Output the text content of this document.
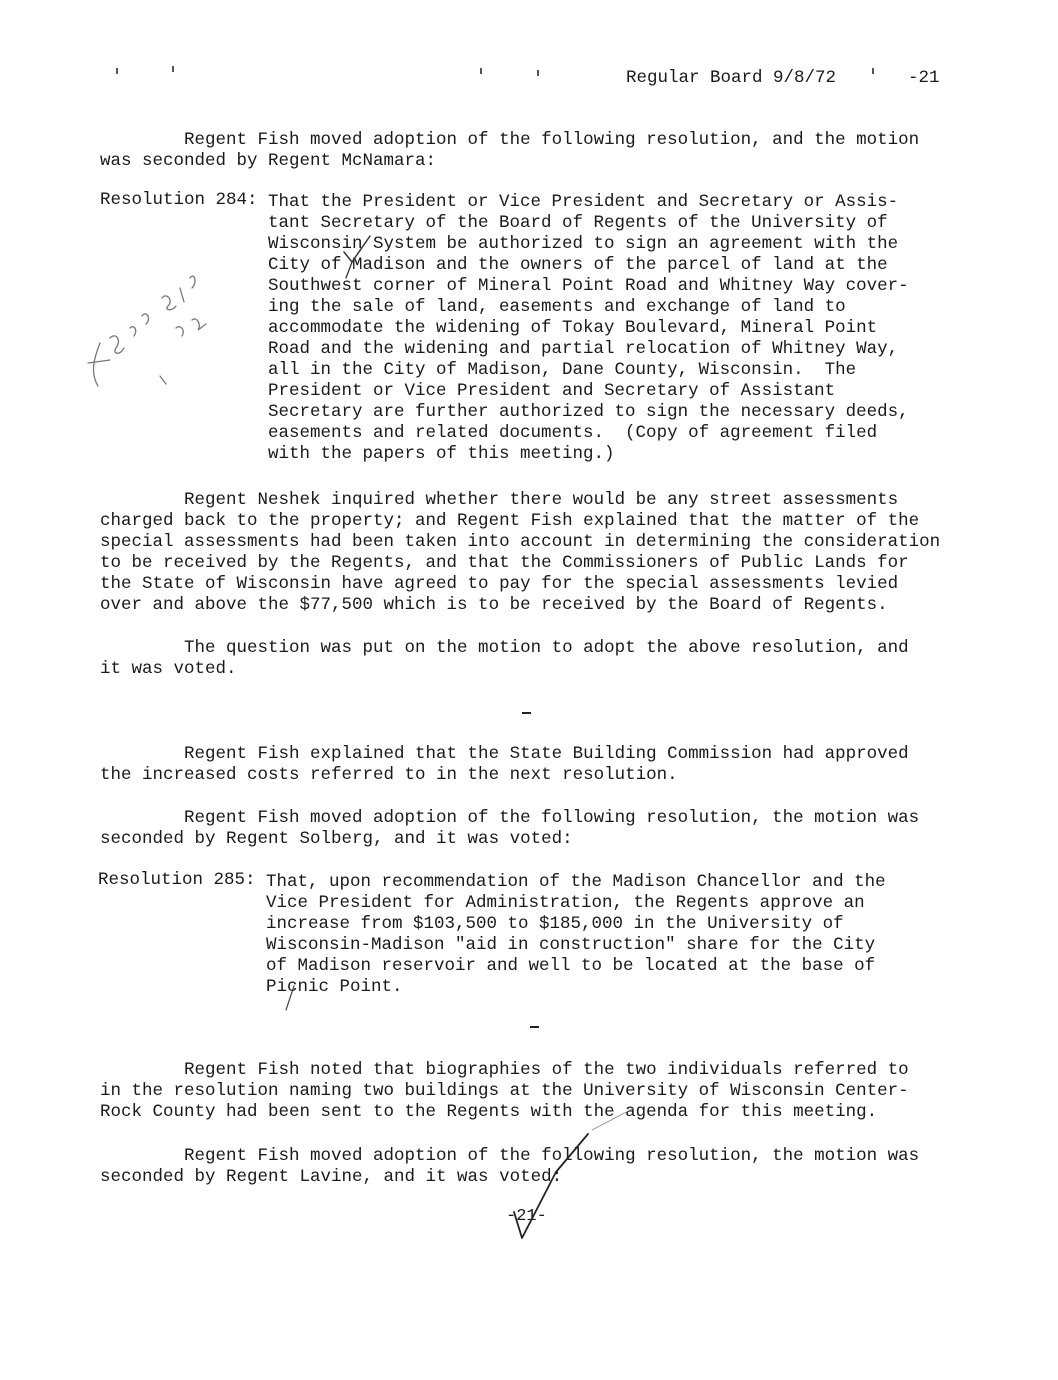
Regular Board 9/8/72	-21
Regent Fish moved adoption of the following resolution, and the motion
was seconded by Regent McNamara:
Resolution 284: That the President or Vice President and Secretary or Assis-
tant Secretary of the Board of Regents of the University of
Wisconsin System be authorized to sign an agreement with the
City of Madison and the owners of the parcel of land at the
Southwest corner of Mineral Point Road and Whitney Way cover-
ing the sale of land, easements and exchange of land to
accommodate the widening of Tokay Boulevard, Mineral Point
Road and the widening and partial relocation of Whitney Way,
all in the City of Madison, Dane County, Wisconsin.  The
President or Vice President and Secretary of Assistant
Secretary are further authorized to sign the necessary deeds,
easements and related documents.  (Copy of agreement filed
with the papers of this meeting.)
Regent Neshek inquired whether there would be any street assessments
charged back to the property; and Regent Fish explained that the matter of the
special assessments had been taken into account in determining the consideration
to be received by the Regents, and that the Commissioners of Public Lands for
the State of Wisconsin have agreed to pay for the special assessments levied
over and above the $77,500 which is to be received by the Board of Regents.
The question was put on the motion to adopt the above resolution, and
it was voted.
Regent Fish explained that the State Building Commission had approved
the increased costs referred to in the next resolution.
Regent Fish moved adoption of the following resolution, the motion was
seconded by Regent Solberg, and it was voted:
Resolution 285: That, upon recommendation of the Madison Chancellor and the
Vice President for Administration, the Regents approve an
increase from $103,500 to $185,000 in the University of
Wisconsin-Madison "aid in construction" share for the City
of Madison reservoir and well to be located at the base of
Picnic Point.
Regent Fish noted that biographies of the two individuals referred to
in the resolution naming two buildings at the University of Wisconsin Center-
Rock County had been sent to the Regents with the agenda for this meeting.
Regent Fish moved adoption of the following resolution, the motion was
seconded by Regent Lavine, and it was voted:
-21-
